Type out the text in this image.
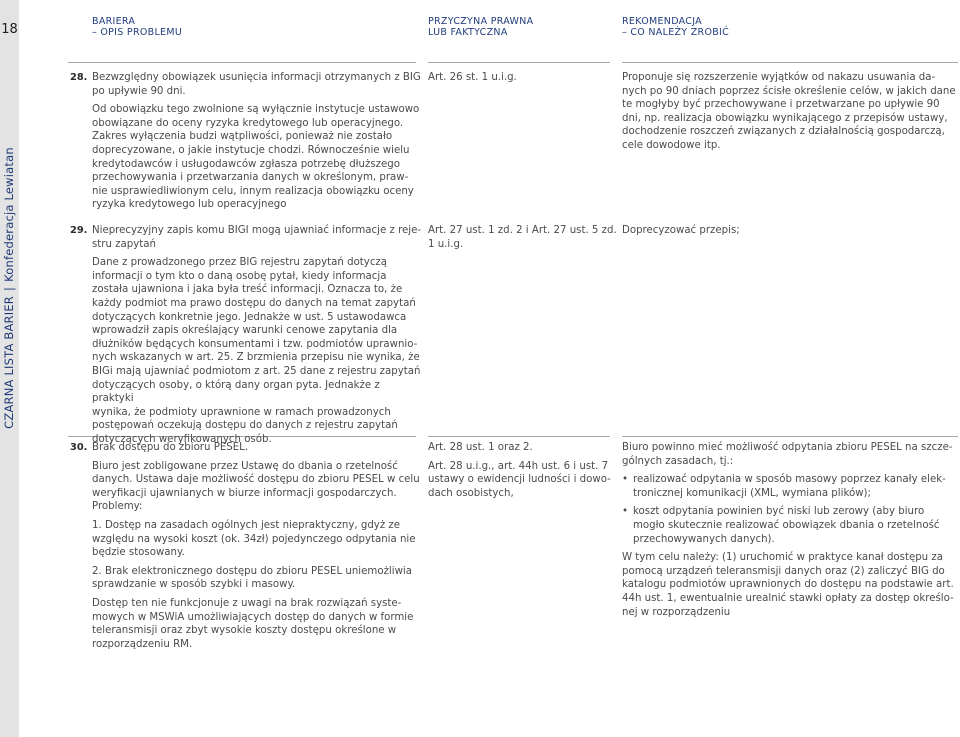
18
CZARNA LISTA BARIER|Konfederacja Lewiatan
BARIERA
– OPIS PROBLEMU
PRZYCZYNA PRAWNA
LUB FAKTYCZNA
REKOMENDACJA
– CO NALEŻY ZROBIĆ
28. Bezwzględny obowiązek usunięcia informacji otrzymanych z BIG
po upływie 90 dni.

Od obowiązku tego zwolnione są wyłącznie instytucje ustawowo
obowiązane do oceny ryzyka kredytowego lub operacyjnego.
Zakres wyłączenia budzi wątpliwości, ponieważ nie zostało
doprecyzowane, o jakie instytucje chodzi. Równocześnie wielu
kredytodawców i usługodawców zgłasza potrzebę dłuższego
przechowywania i przetwarzania danych w określonym, praw-
nie usprawiedliwionym celu, innym realizacja obowiązku oceny
ryzyka kredytowego lub operacyjnego

Art. 26 st. 1 u.i.g.	Proponuje się rozszerzenie wyjątków od nakazu usuwania da-
nych po 90 dniach poprzez ścisłe określenie celów, w jakich dane
te mogłyby być przechowywane i przetwarzane po upływie 90
dni, np. realizacja obowiązku wynikającego z przepisów ustawy,
dochodzenie roszczeń związanych z działalnością gospodarczą,
cele dowodowe itp.

29. Nieprecyzyjny zapis komu BIGI mogą ujawniać informacje z reje-
stru zapytań

Dane z prowadzonego przez BIG rejestru zapytań dotyczą
informacji o tym kto o daną osobę pytał, kiedy informacja
została ujawniona i jaka była treść informacji. Oznacza to, że
każdy podmiot ma prawo dostępu do danych na temat zapytań
dotyczących konkretnie jego. Jednakże w ust. 5 ustawodawca
wprowadził zapis określający warunki cenowe zapytania dla
dłużników będących konsumentami i tzw. podmiotów uprawnio-
nych wskazanych w art. 25. Z brzmienia przepisu nie wynika, że
BIGi mają ujawniać podmiotom z art. 25 dane z rejestru zapytań
dotyczących osoby, o którą dany organ pyta. Jednakże z praktyki
wynika, że podmioty uprawnione w ramach prowadzonych
postępowań oczekują dostępu do danych z rejestru zapytań
dotyczących weryfikowanych osób.

Art. 27 ust. 1 zd. 2 i Art. 27 ust. 5 zd.
1 u.i.g.

Doprecyzować przepis;

30. Brak dostępu do zbioru PESEL.

Biuro jest zobligowane przez Ustawę do dbania o rzetelność
danych. Ustawa daje możliwość dostępu do zbioru PESEL w celu
weryfikacji ujawnianych w biurze informacji gospodarczych.
Problemy:

1. Dostęp na zasadach ogólnych jest niepraktyczny, gdyż ze
względu na wysoki koszt (ok. 34zł) pojedynczego odpytania nie
będzie stosowany.

2. Brak elektronicznego dostępu do zbioru PESEL uniemożliwia
sprawdzanie w sposób szybki i masowy.

Dostęp ten nie funkcjonuje z uwagi na brak rozwiązań syste-
mowych w MSWiA umożliwiających dostęp do danych w formie
teleransmisji oraz zbyt wysokie koszty dostępu określone w
rozporządzeniu RM.

Art. 28 ust. 1 oraz 2.

Art. 28 u.i.g., art. 44h ust. 6 i ust. 7
ustawy o ewidencji ludności i dowo-
dach osobistych,

Biuro powinno mieć możliwość odpytania zbioru PESEL na szcze-
gólnych zasadach, tj.:

• realizować odpytania w sposób masowy poprzez kanały elek-
tronicznej komunikacji (XML, wymiana plików);
• koszt odpytania powinien być niski lub zerowy (aby biuro
mogło skutecznie realizować obowiązek dbania o rzetelność
przechowywanych danych).

W tym celu należy: (1) uruchomić w praktyce kanał dostępu za
pomocą urządzeń teleransmisji danych oraz (2) zaliczyć BIG do
katalogu podmiotów uprawnionych do dostępu na podstawie art.
44h ust. 1, ewentualnie urealnić stawki opłaty za dostęp określo-
nej w rozporządzeniu
